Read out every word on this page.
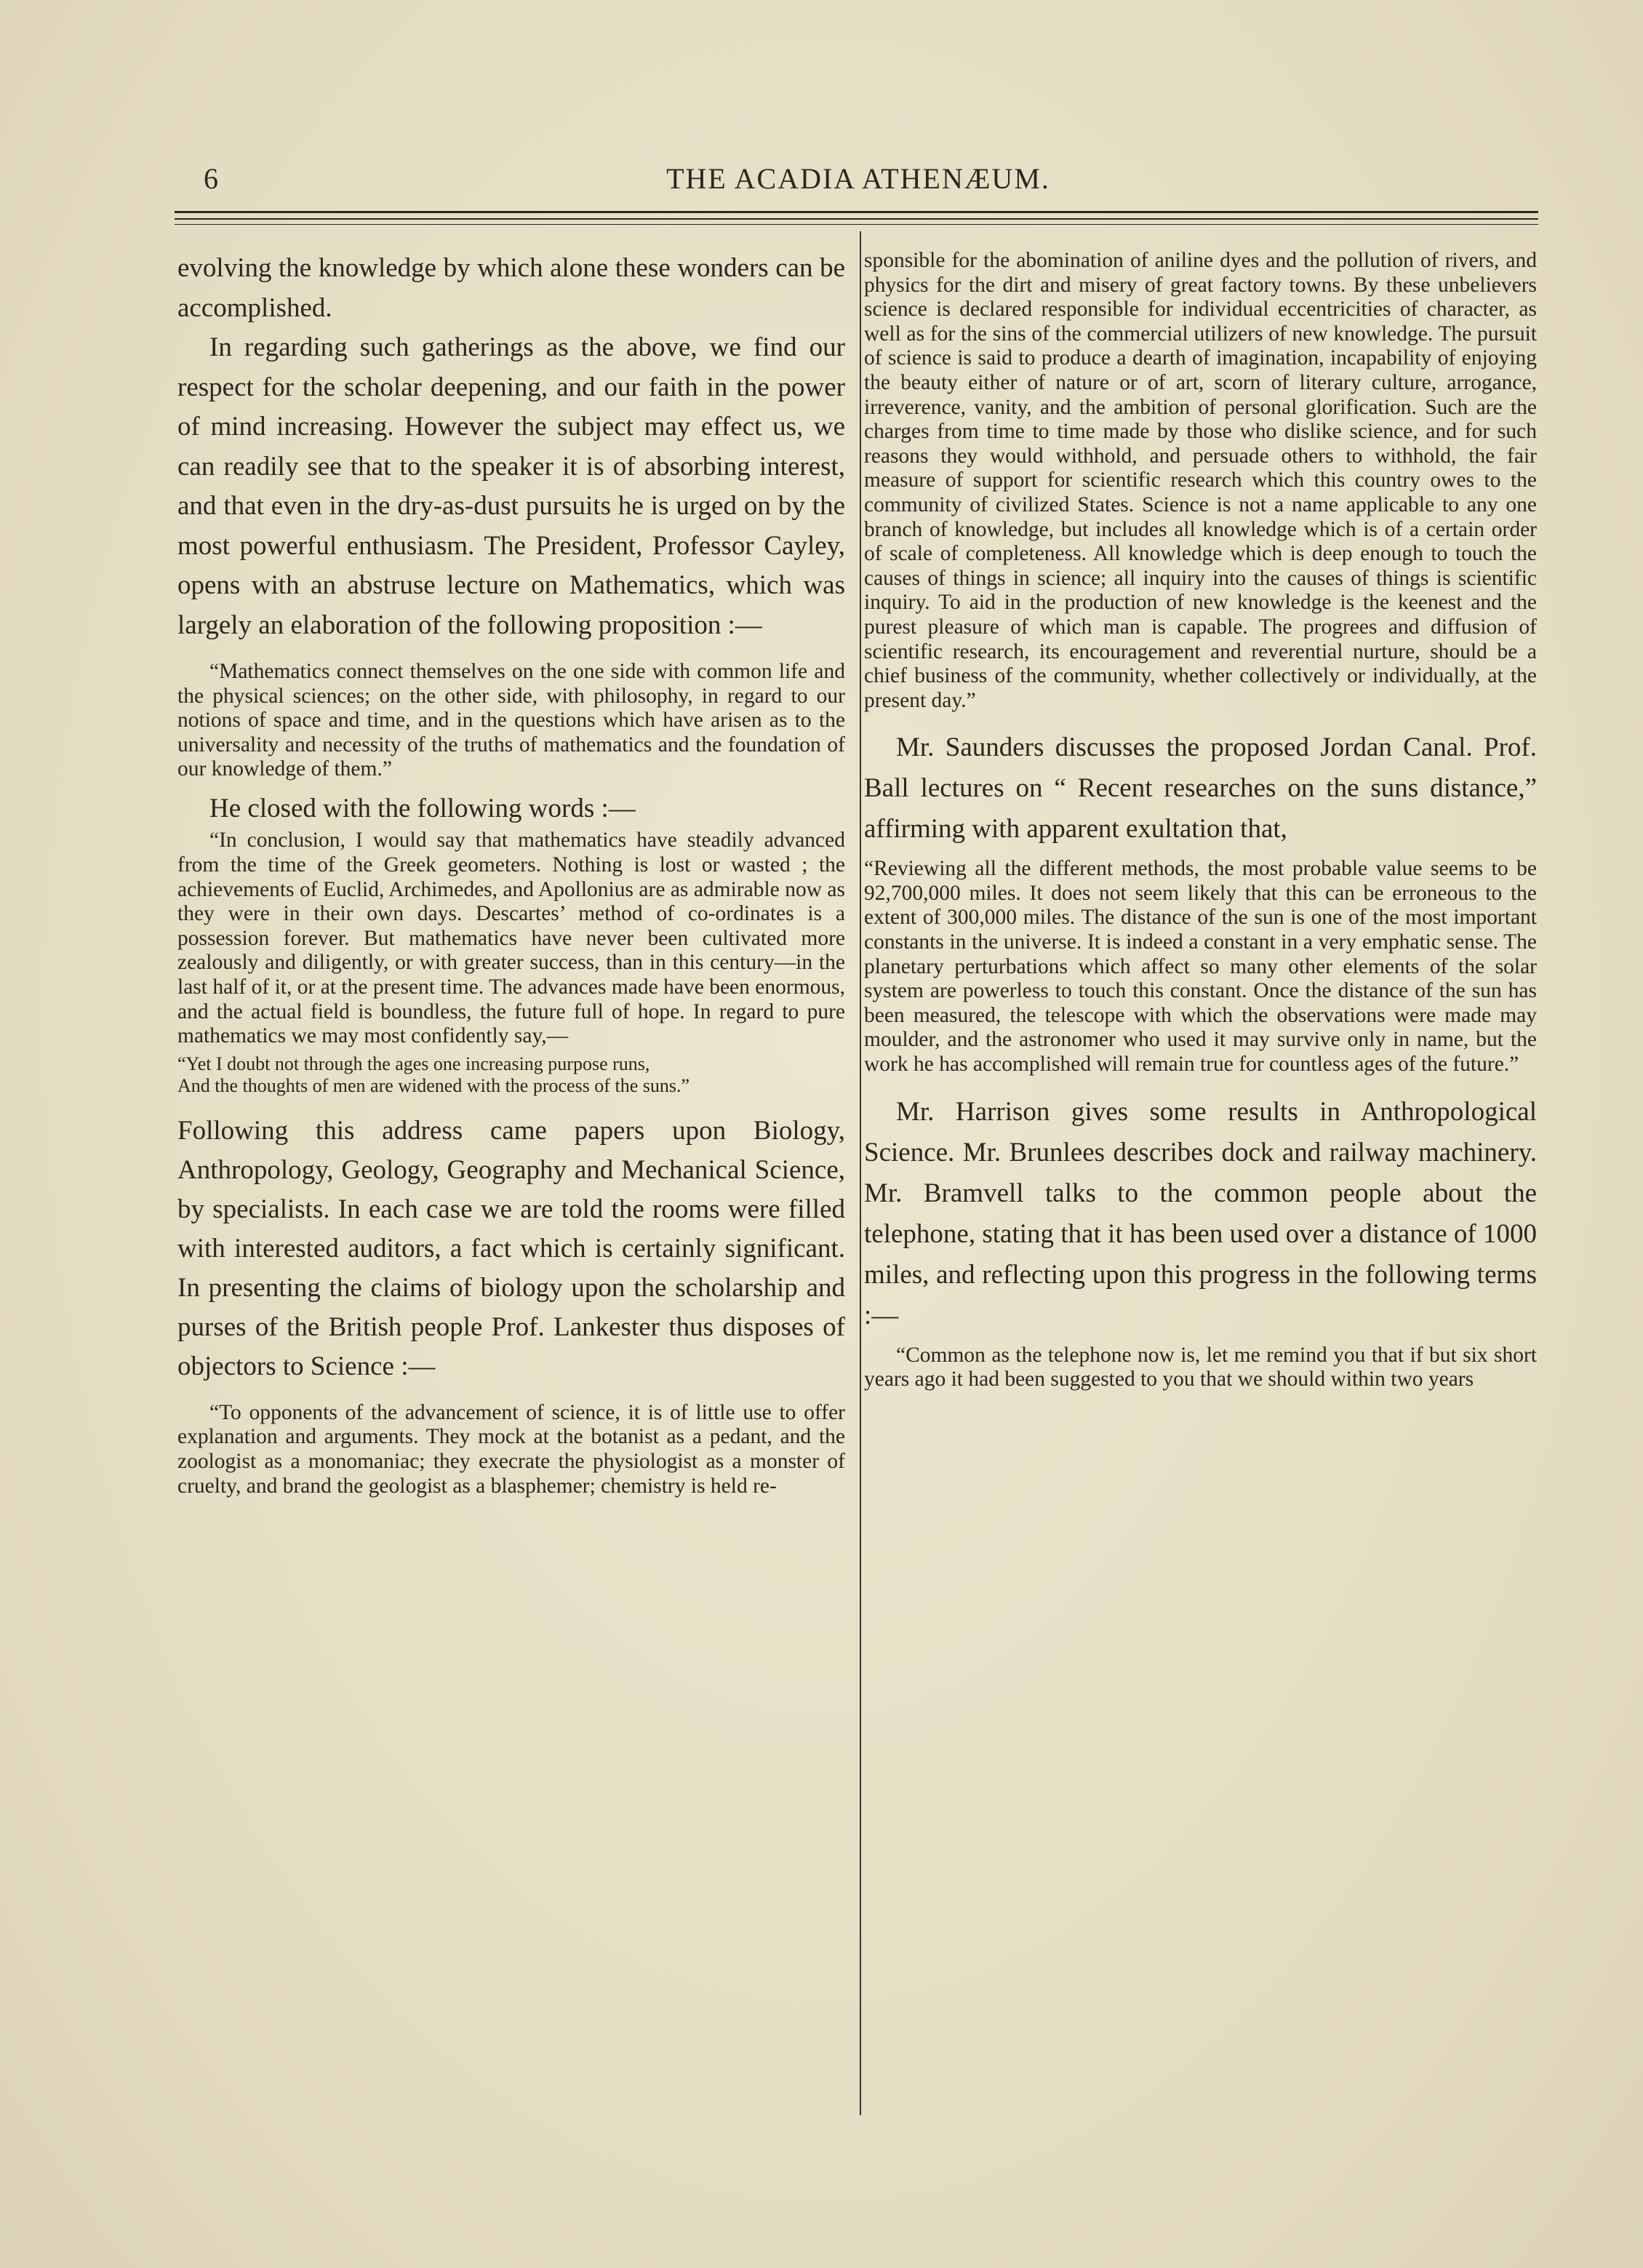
6	THE ACADIA ATHENÆUM.

evolving the knowledge by which alone these wonders can be accomplished.

In regarding such gatherings as the above, we find our respect for the scholar deepening, and our faith in the power of mind increasing. However the subject may effect us, we can readily see that to the speaker it is of absorbing interest, and that even in the dry-as-dust pursuits he is urged on by the most powerful enthusiasm. The President, Professor Cayley, opens with an abstruse lecture on Mathematics, which was largely an elaboration of the following proposition :—

“Mathematics connect themselves on the one side with common life and the physical sciences; on the other side, with philosophy, in regard to our notions of space and time, and in the questions which have arisen as to the universality and necessity of the truths of mathematics and the foundation of our knowledge of them.”

He closed with the following words :—

“In conclusion, I would say that mathematics have steadily advanced from the time of the Greek geometers. Nothing is lost or wasted ; the achievements of Euclid, Archimedes, and Apollonius are as admirable now as they were in their own days. Descartes’ method of co-ordinates is a possession forever. But mathematics have never been cultivated more zealously and diligently, or with greater success, than in this century—in the last half of it, or at the present time. The advances made have been enormous, and the actual field is boundless, the future full of hope. In regard to pure mathematics we may most confidently say,—

“Yet I doubt not through the ages one increasing purpose runs,
And the thoughts of men are widened with the process of the suns.”

Following this address came papers upon Biology, Anthropology, Geology, Geography and Mechanical Science, by specialists. In each case we are told the rooms were filled with interested auditors, a fact which is certainly significant. In presenting the claims of biology upon the scholarship and purses of the British people Prof. Lankester thus disposes of objectors to Science :—

“To opponents of the advancement of science, it is of little use to offer explanation and arguments. They mock at the botanist as a pedant, and the zoologist as a monomaniac; they execrate the physiologist as a monster of cruelty, and brand the geologist as a blasphemer; chemistry is held re-

sponsible for the abomination of aniline dyes and the pollution of rivers, and physics for the dirt and misery of great factory towns. By these unbelievers science is declared responsible for individual eccentricities of character, as well as for the sins of the commercial utilizers of new knowledge. The pursuit of science is said to produce a dearth of imagination, incapability of enjoying the beauty either of nature or of art, scorn of literary culture, arrogance, irreverence, vanity, and the ambition of personal glorification. Such are the charges from time to time made by those who dislike science, and for such reasons they would withhold, and persuade others to withhold, the fair measure of support for scientific research which this country owes to the community of civilized States. Science is not a name applicable to any one branch of knowledge, but includes all knowledge which is of a certain order of scale of completeness. All knowledge which is deep enough to touch the causes of things in science; all inquiry into the causes of things is scientific inquiry. To aid in the production of new knowledge is the keenest and the purest pleasure of which man is capable. The progrees and diffusion of scientific research, its encouragement and reverential nurture, should be a chief business of the community, whether collectively or individually, at the present day.”

Mr. Saunders discusses the proposed Jordan Canal. Prof. Ball lectures on “ Recent researches on the suns distance,” affirming with apparent exultation that,

“Reviewing all the different methods, the most probable value seems to be 92,700,000 miles. It does not seem likely that this can be erroneous to the extent of 300,000 miles. The distance of the sun is one of the most important constants in the universe. It is indeed a constant in a very emphatic sense. The planetary perturbations which affect so many other elements of the solar system are powerless to touch this constant. Once the distance of the sun has been measured, the telescope with which the observations were made may moulder, and the astronomer who used it may survive only in name, but the work he has accomplished will remain true for countless ages of the future.”

Mr. Harrison gives some results in Anthropological Science. Mr. Brunlees describes dock and railway machinery. Mr. Bramvell talks to the common people about the telephone, stating that it has been used over a distance of 1000 miles, and reflecting upon this progress in the following terms :—

“Common as the telephone now is, let me remind you that if but six short years ago it had been suggested to you that we should within two years
